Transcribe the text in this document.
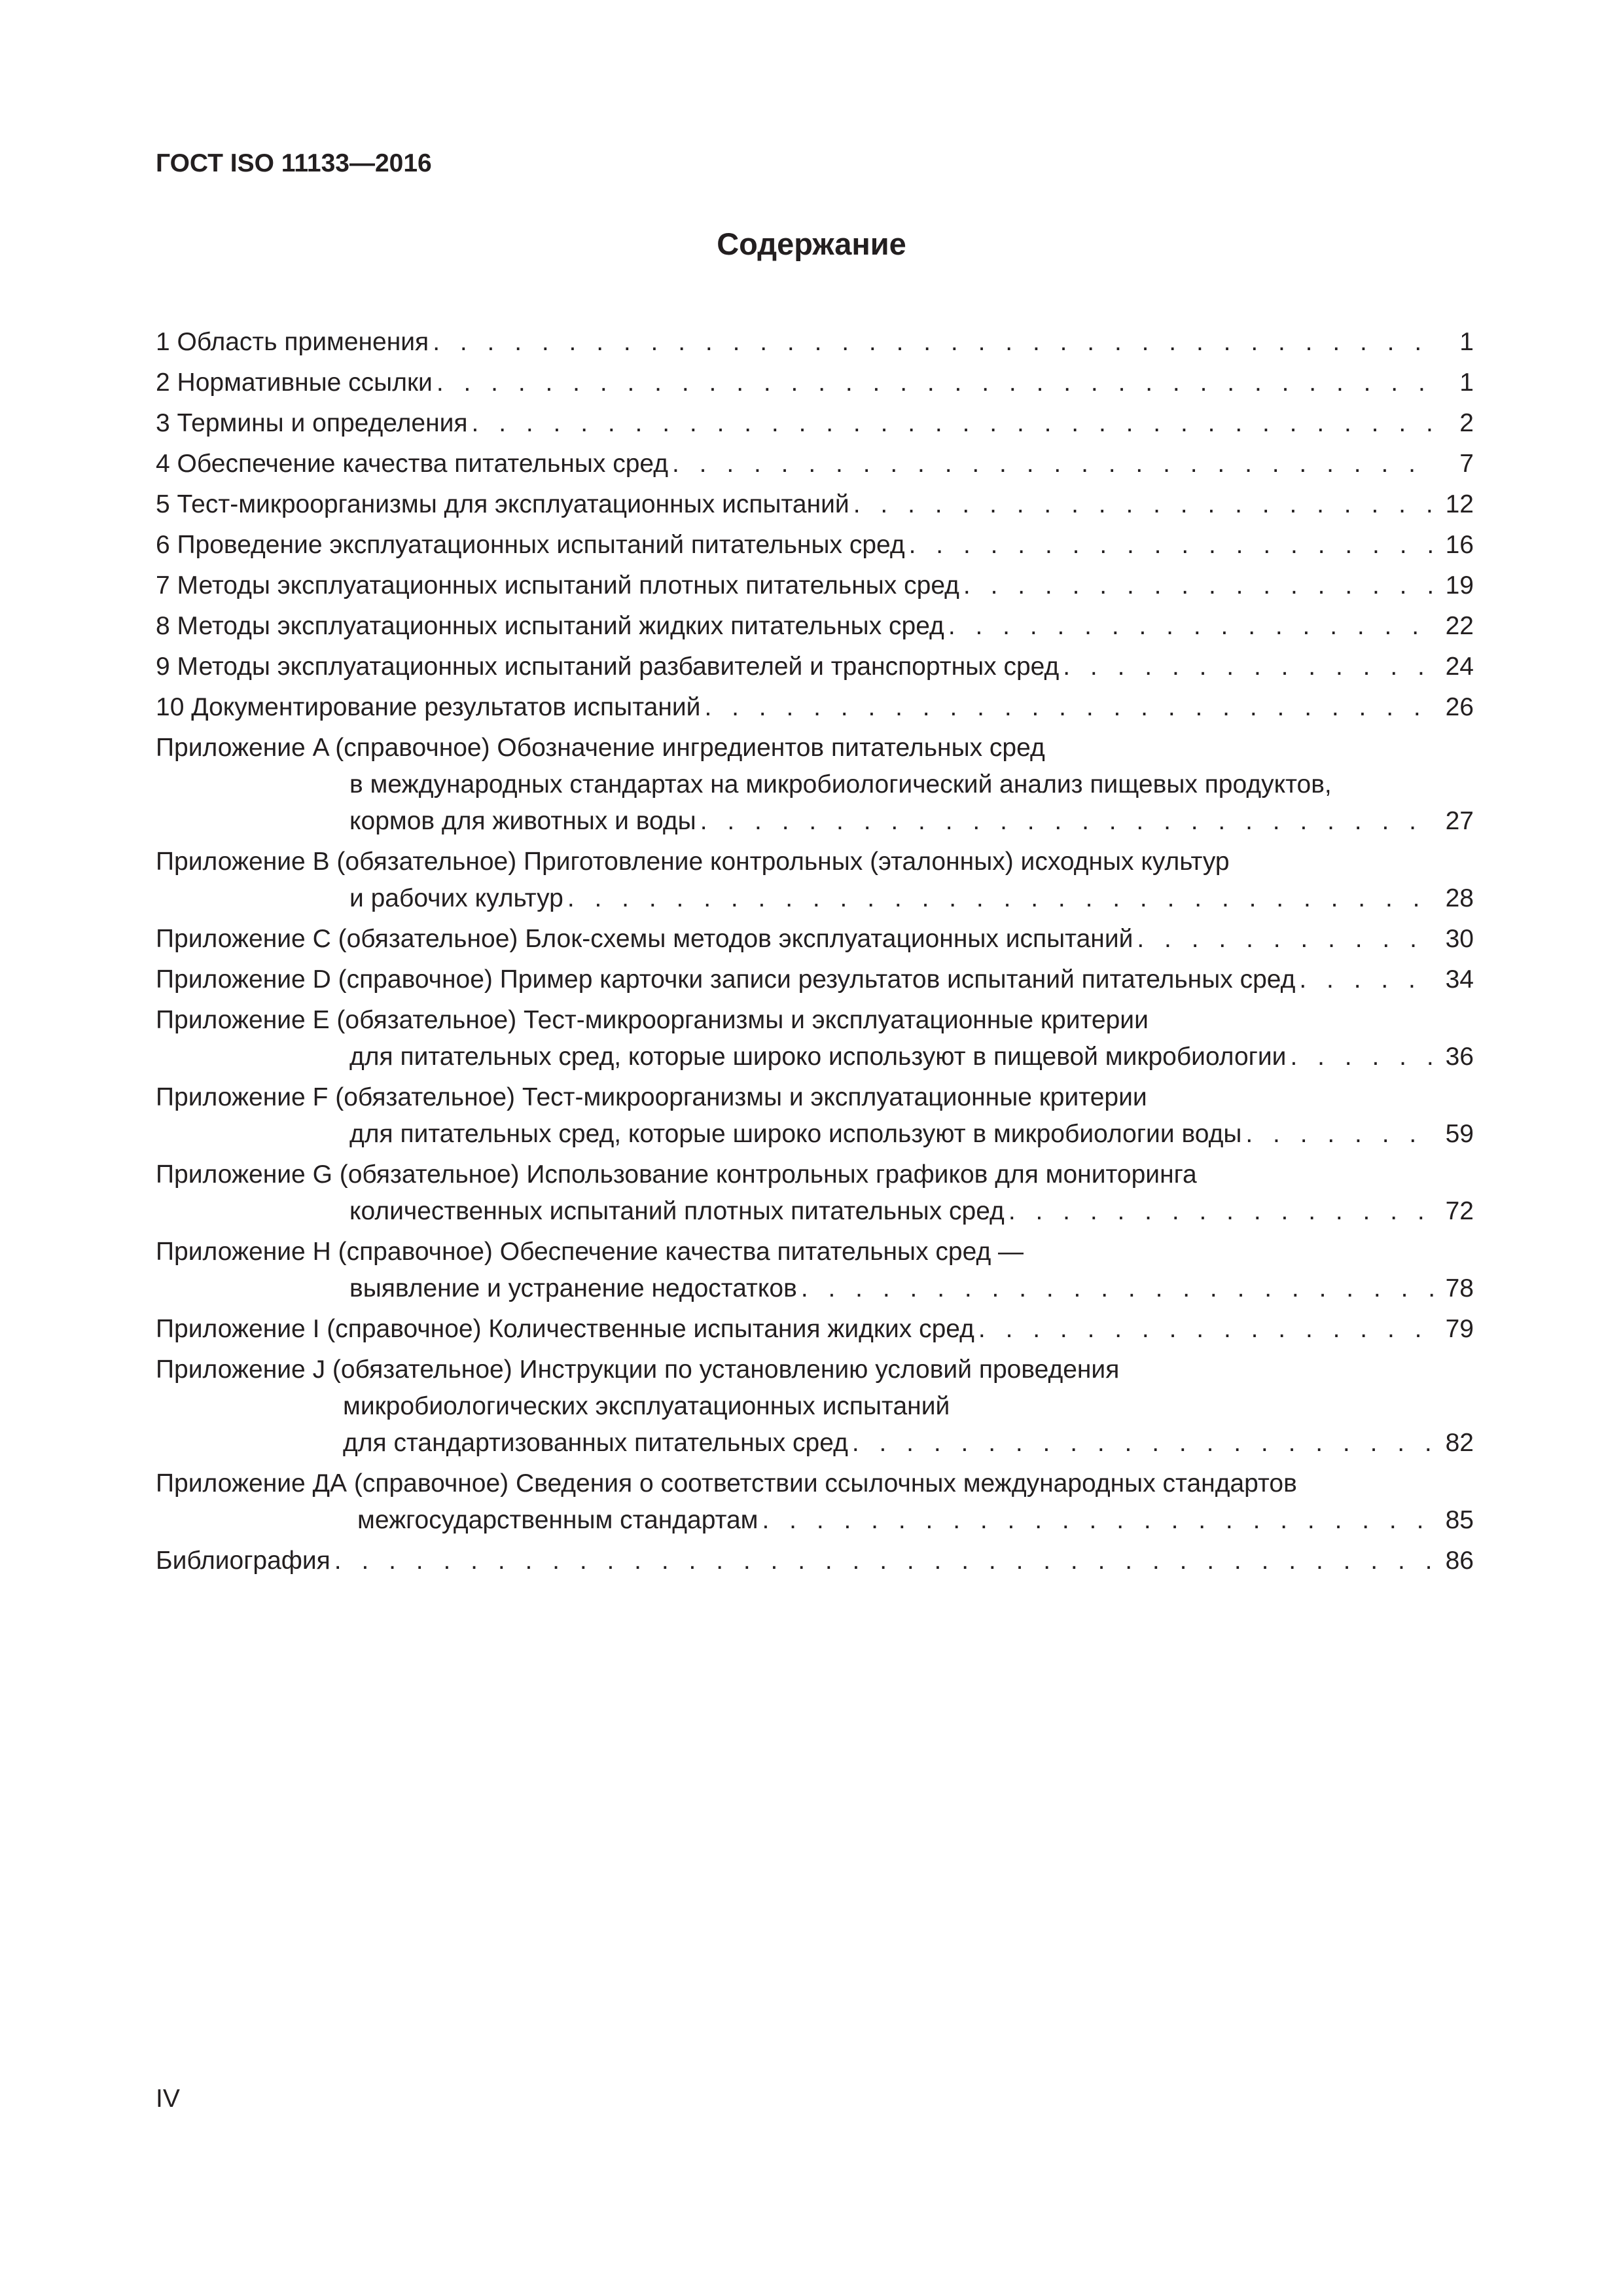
ГОСТ ISO 11133—2016

Содержание
1 Область применения . . .	1
2 Нормативные ссылки . . .	1
3 Термины и определения . . .	2
4 Обеспечение качества питательных сред . . .	7
5 Тест-микроорганизмы для эксплуатационных испытаний . . .	12
6 Проведение эксплуатационных испытаний питательных сред . . .	16
7 Методы эксплуатационных испытаний плотных питательных сред . . .	19
8 Методы эксплуатационных испытаний жидких питательных сред . . .	22
9 Методы эксплуатационных испытаний разбавителей и транспортных сред . . .	24
10 Документирование результатов испытаний . . .	26
Приложение A (справочное) Обозначение ингредиентов питательных сред
в международных стандартах на микробиологический анализ пищевых продуктов,
кормов для животных и воды . . .	27
Приложение B (обязательное) Приготовление контрольных (эталонных) исходных культур
и рабочих культур . . .	28
Приложение C (обязательное) Блок-схемы методов эксплуатационных испытаний . . .	30
Приложение D (справочное) Пример карточки записи результатов испытаний питательных сред . . .	34
Приложение E (обязательное) Тест-микроорганизмы и эксплуатационные критерии
для питательных сред, которые широко используют в пищевой микробиологии . . .	36
Приложение F (обязательное) Тест-микроорганизмы и эксплуатационные критерии
для питательных сред, которые широко используют в микробиологии воды . . .	59
Приложение G (обязательное) Использование контрольных графиков для мониторинга
количественных испытаний плотных питательных сред . . .	72
Приложение H (справочное) Обеспечение качества питательных сред —
выявление и устранение недостатков . . .	78
Приложение I (справочное) Количественные испытания жидких сред . . .	79
Приложение J (обязательное) Инструкции по установлению условий проведения
микробиологических эксплуатационных испытаний
для стандартизованных питательных сред . . .	82
Приложение ДА (справочное) Сведения о соответствии ссылочных международных стандартов
межгосударственным стандартам . . .	85
Библиография . . .	86

IV
